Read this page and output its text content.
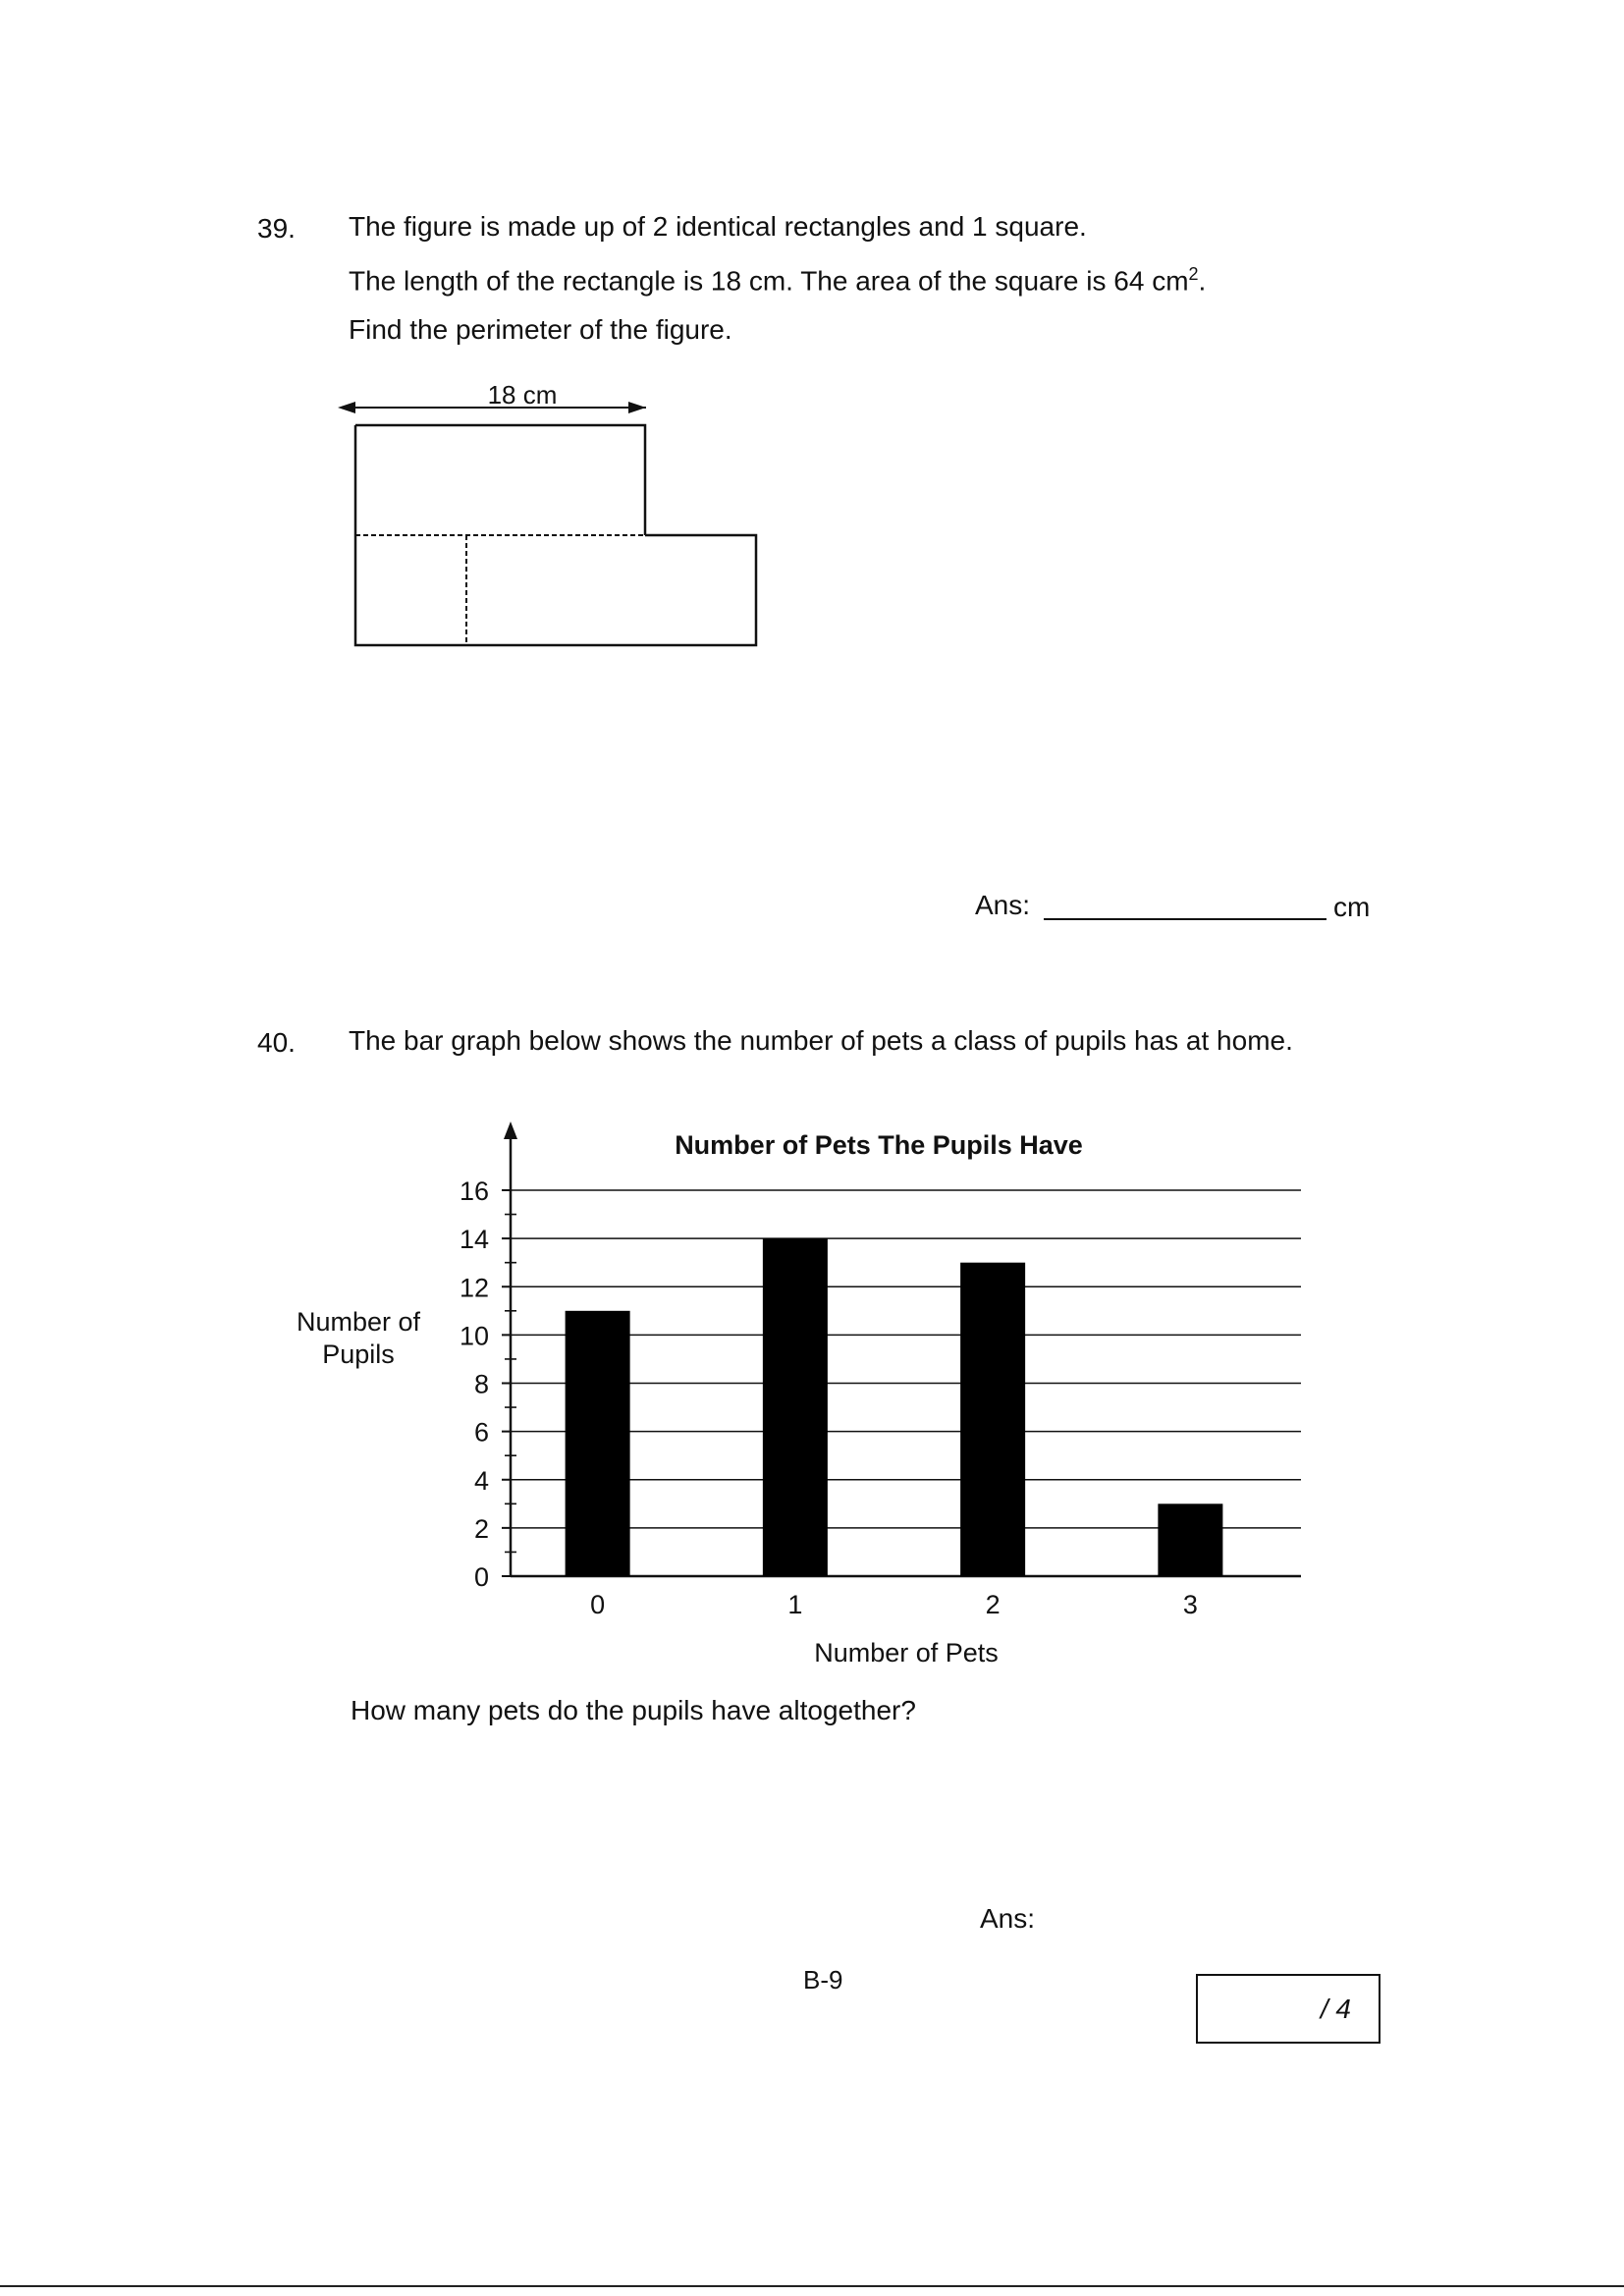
39. The figure is made up of 2 identical rectangles and 1 square.
The length of the rectangle is 18 cm. The area of the square is 64 $cm^2$.
Find the perimeter of the figure.
18 cm
Ans:	cm
40. The bar graph below shows the number of pets a class of pupils has at home.
Number of Pets The Pupils Have
Number of
Pupils
0
2
4
6
8
10
12
14
16
0	1	2	3
Number of Pets
How many pets do the pupils have altogether?
Ans:
B-9
/ 4
